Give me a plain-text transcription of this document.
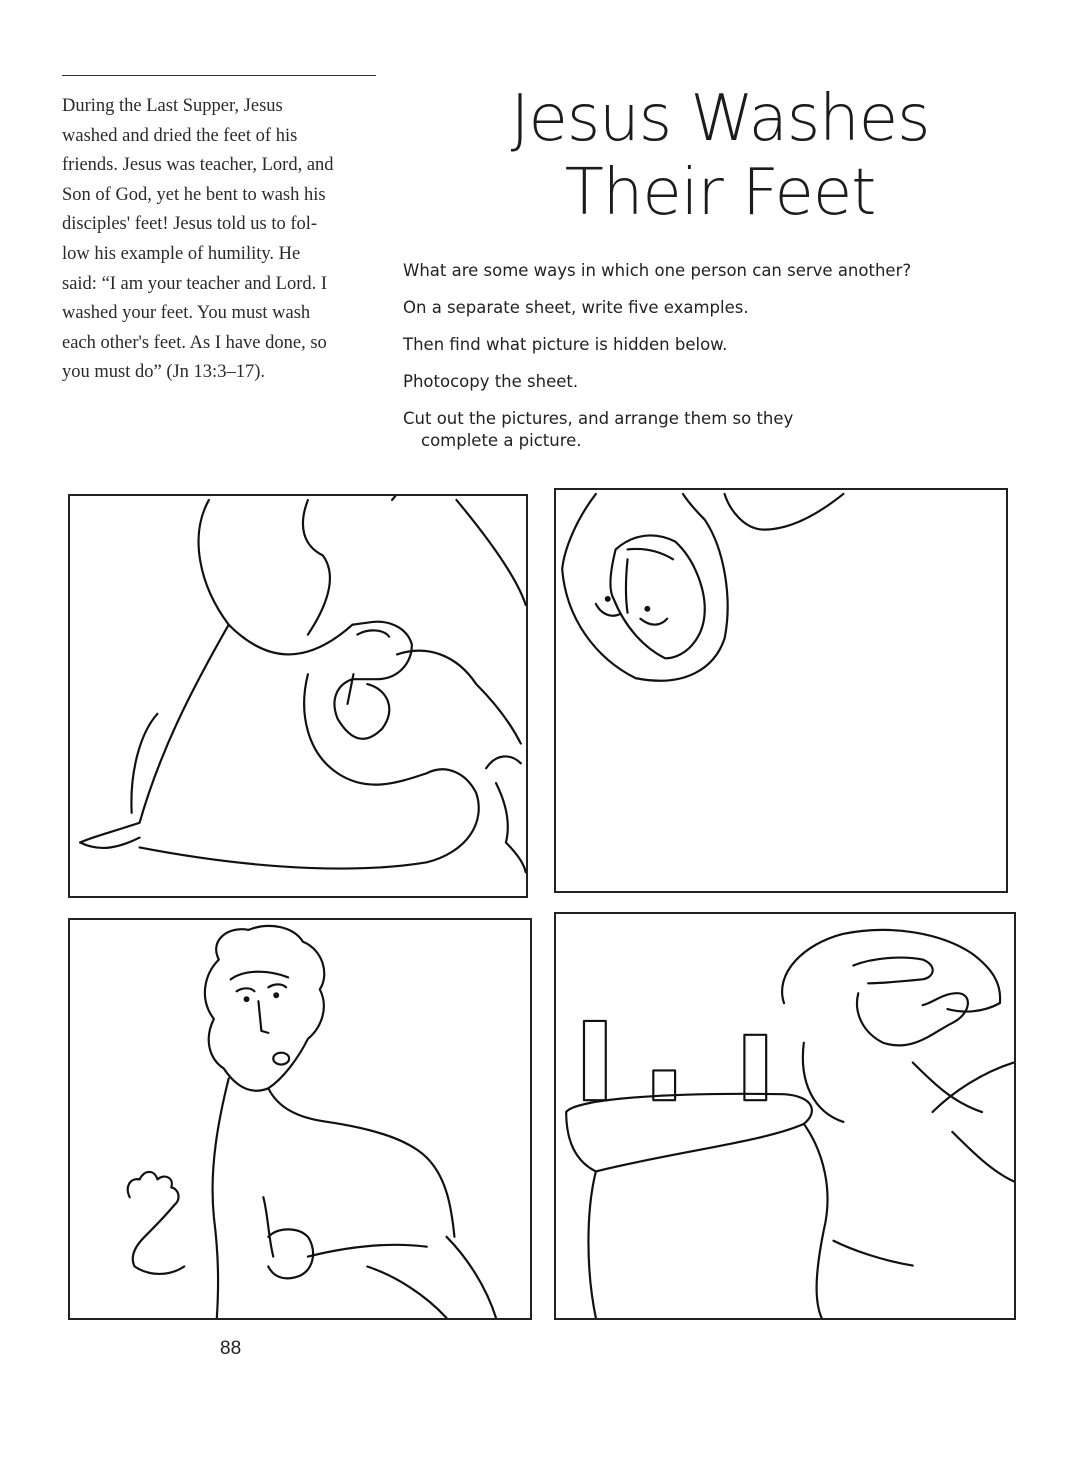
During the Last Supper, Jesus
washed and dried the feet of his
friends. Jesus was teacher, Lord, and
Son of God, yet he bent to wash his
disciples' feet! Jesus told us to fol-
low his example of humility. He
said: “I am your teacher and Lord. I
washed your feet. You must wash
each other's feet. As I have done, so
you must do” (Jn 13:3–17).

Jesus Washes
Their Feet

What are some ways in which one person can serve another?

On a separate sheet, write five examples.

Then find what picture is hidden below.

Photocopy the sheet.

Cut out the pictures, and arrange them so they
complete a picture.

88
